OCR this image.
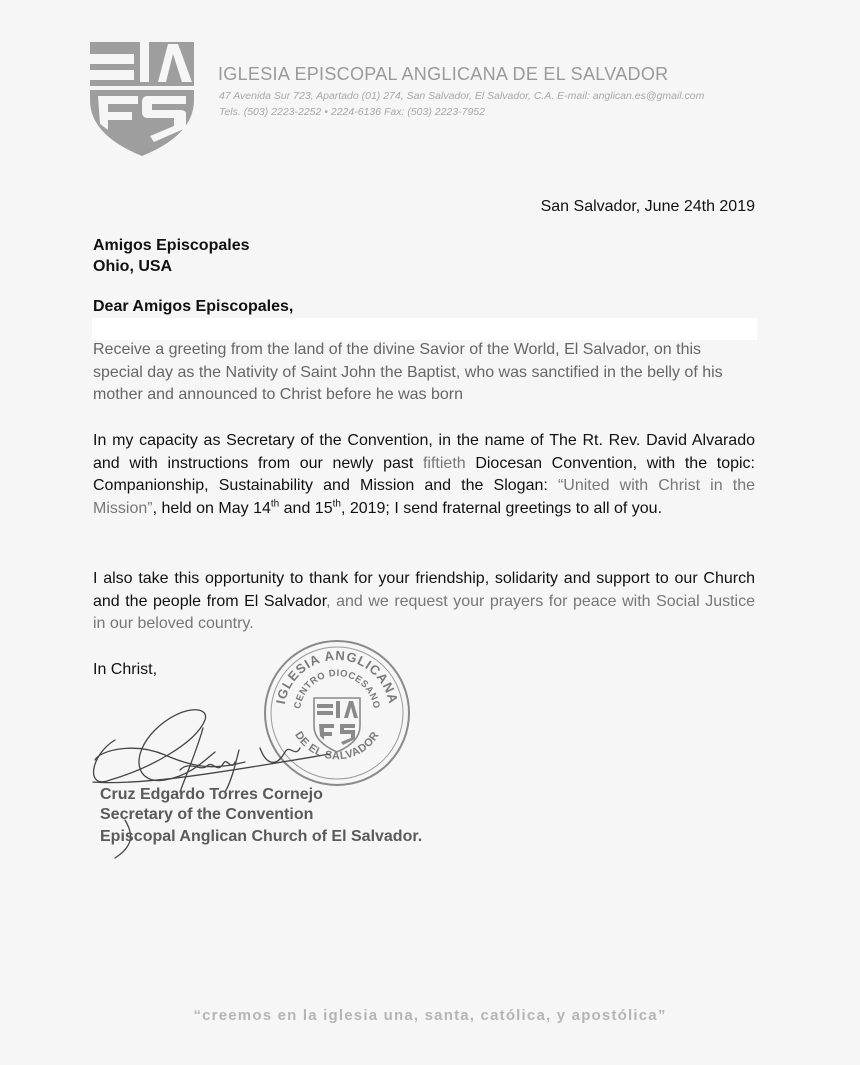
IGLESIA EPISCOPAL ANGLICANA DE EL SALVADOR
47 Avenida Sur 723, Apartado (01) 274, San Salvador, El Salvador, C.A. E-mail: anglican.es@gmail.com
Tels. (503) 2223-2252 • 2224-6136 Fax: (503) 2223-7952
San Salvador, June 24th 2019
Amigos Episcopales
Ohio, USA
Dear Amigos Episcopales,
Receive a greeting from the land of the divine Savior of the World, El Salvador, on this special day as the Nativity of Saint John the Baptist, who was sanctified in the belly of his mother and announced to Christ before he was born
In my capacity as Secretary of the Convention, in the name of The Rt. Rev. David Alvarado and with instructions from our newly past fiftieth Diocesan Convention, with the topic: Companionship, Sustainability and Mission and the Slogan: “United with Christ in the Mission”, held on May 14th and 15th, 2019; I send fraternal greetings to all of you.
I also take this opportunity to thank for your friendship, solidarity and support to our Church and the people from El Salvador, and we request your prayers for peace with Social Justice in our beloved country.
In Christ,
IGLESIA ANGLICANA
CENTRO DIOCESANO
DE EL SALVADOR
Cruz Edgardo Torres Cornejo
Secretary of the Convention
Episcopal Anglican Church of El Salvador.
“creemos en la iglesia una, santa, católica, y apostólica”
